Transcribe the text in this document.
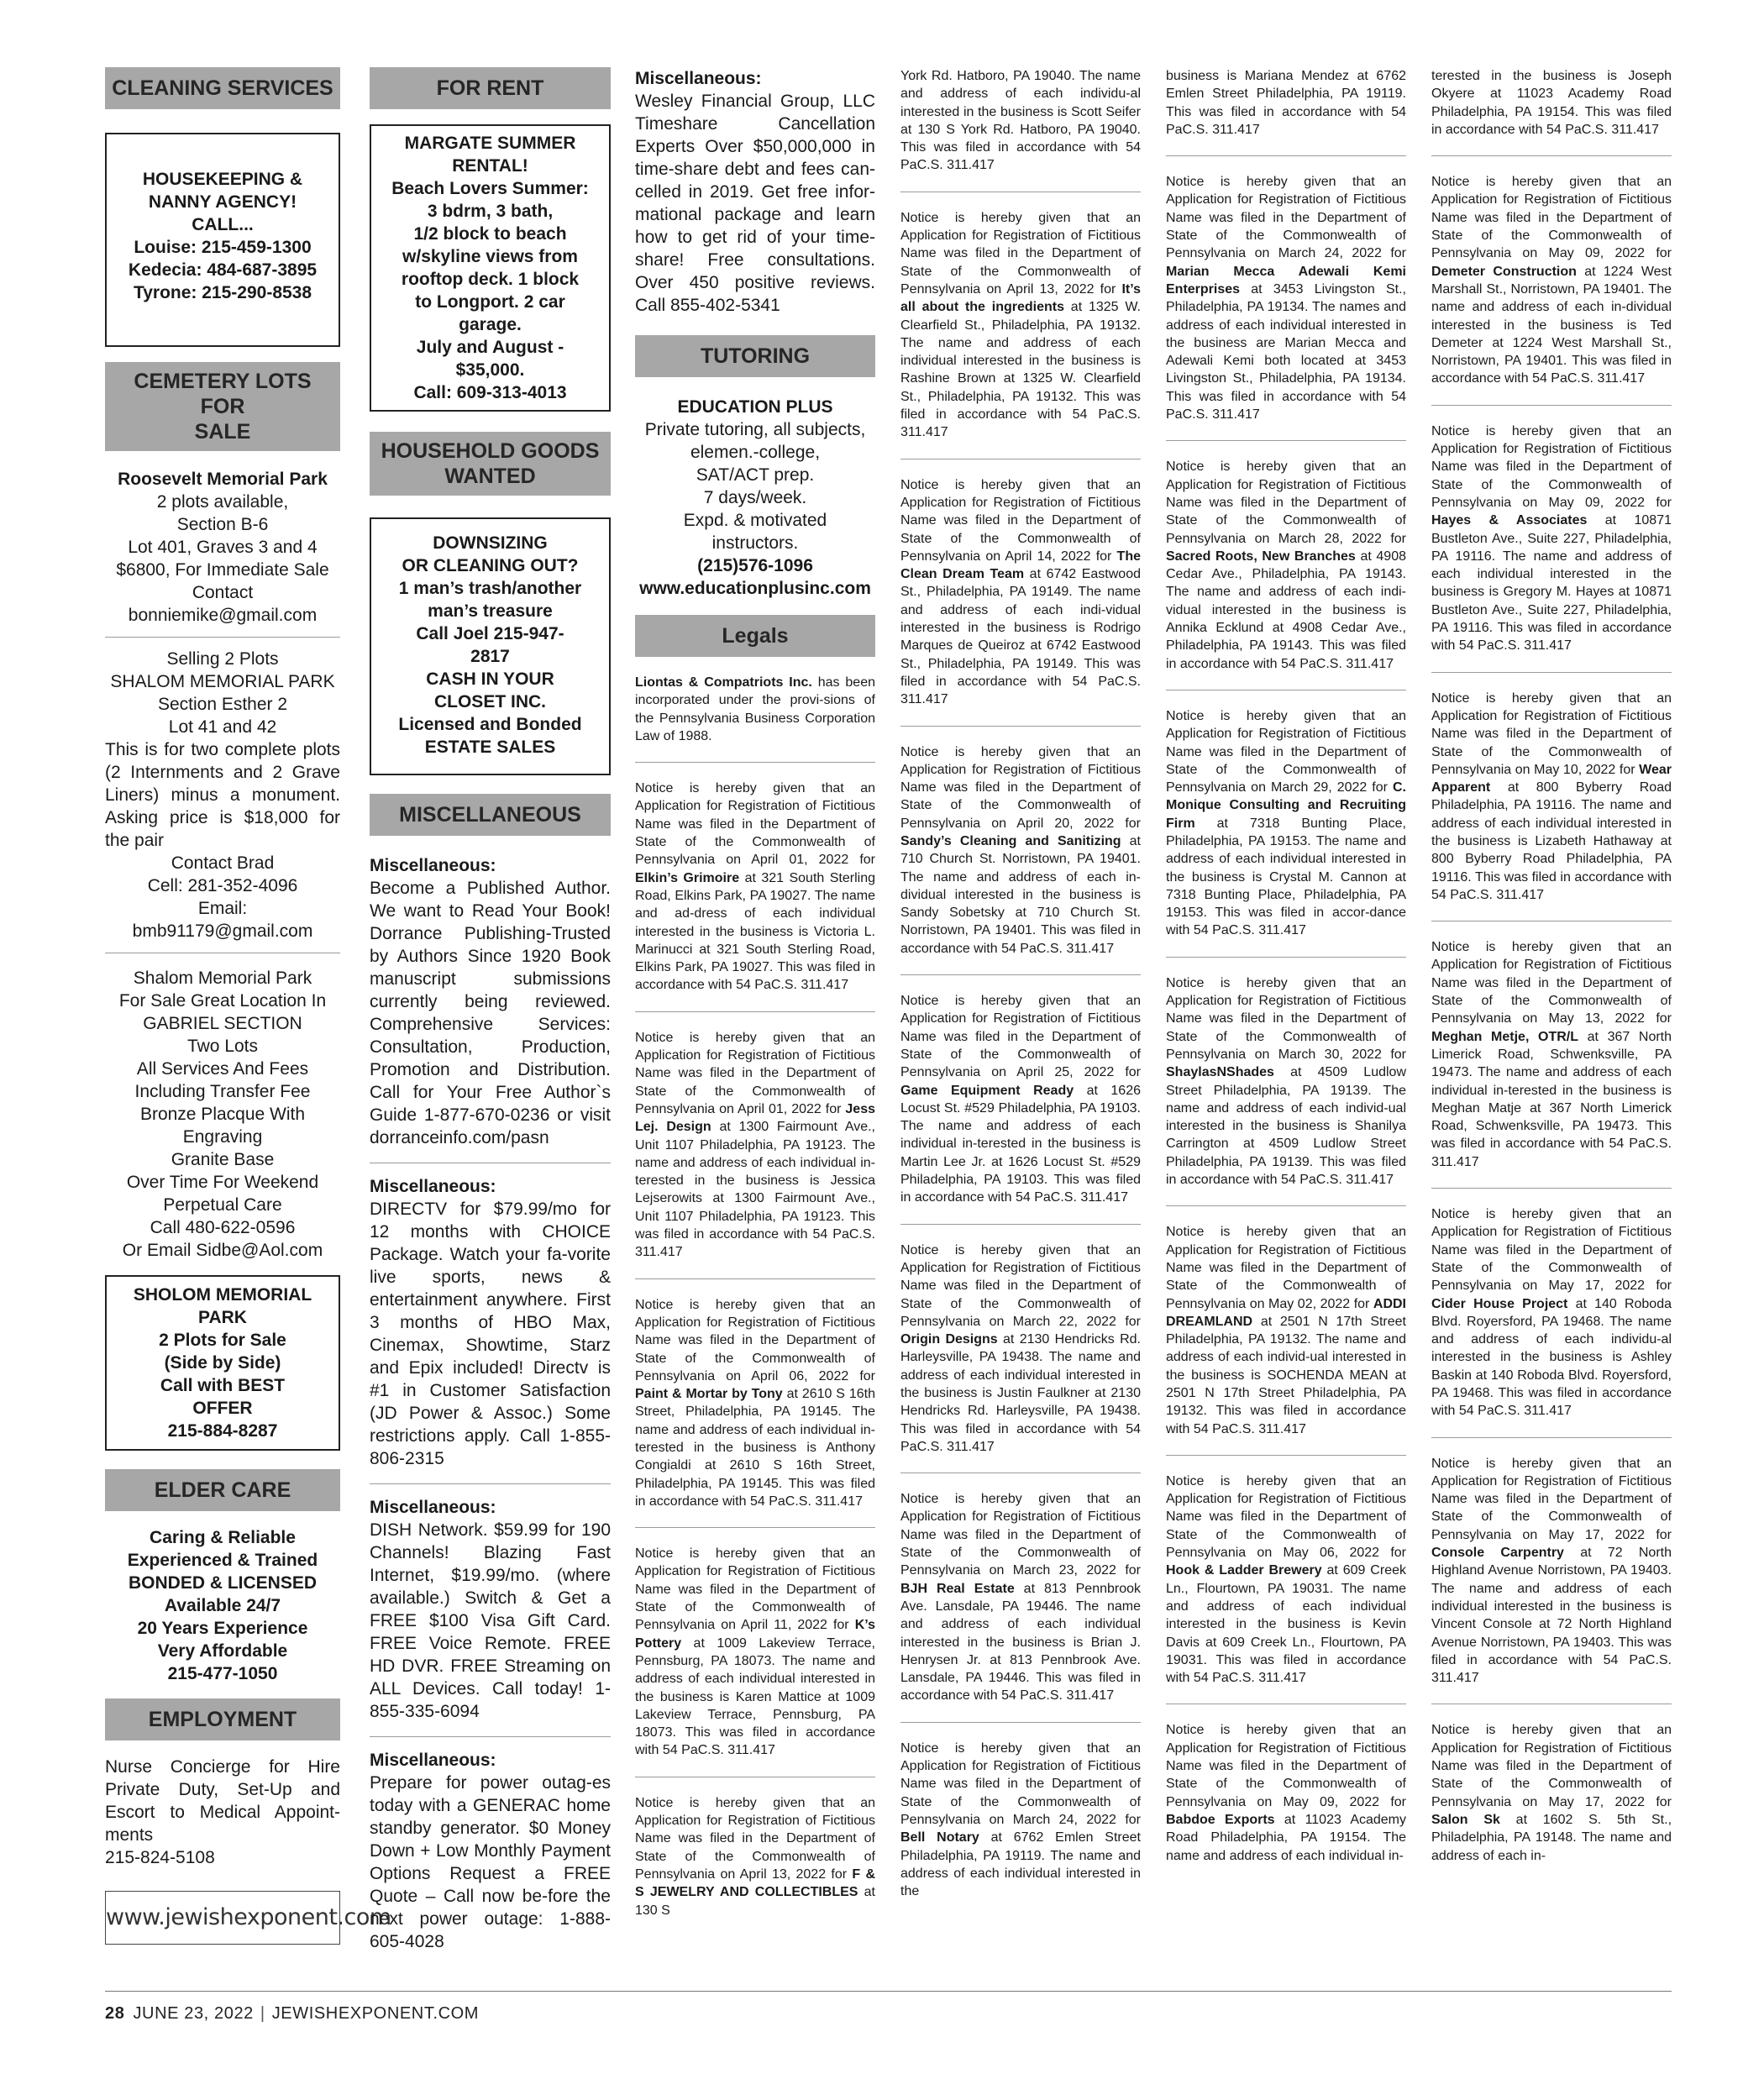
CLEANING SERVICES
HOUSEKEEPING &
NANNY AGENCY!
CALL...
Louise: 215-459-1300
Kedecia: 484-687-3895
Tyrone: 215-290-8538
CEMETERY LOTS FOR
SALE
Roosevelt Memorial Park
2 plots available,
Section B-6
Lot 401, Graves 3 and 4
$6800, For Immediate Sale
Contact
bonniemike@gmail.com
Selling 2 Plots
SHALOM MEMORIAL PARK
Section Esther 2
Lot 41 and 42
This is for two complete plots (2 Internments and 2 Grave Liners) minus a monument. Asking price is $18,000 for the pair
Contact Brad
Cell: 281-352-4096
Email:
bmb91179@gmail.com
Shalom Memorial Park
For Sale Great Location In
GABRIEL SECTION
Two Lots
All Services And Fees
Including Transfer Fee
Bronze Placque With
Engraving
Granite Base
Over Time For Weekend
Perpetual Care
Call 480-622-0596
Or Email Sidbe@Aol.com
SHOLOM MEMORIAL
PARK
2 Plots for Sale
(Side by Side)
Call with BEST
OFFER
215-884-8287
ELDER CARE
Caring & Reliable
Experienced & Trained
BONDED & LICENSED
Available 24/7
20 Years Experience
Very Affordable
215-477-1050
EMPLOYMENT
Nurse Concierge for Hire Private Duty, Set-Up and Escort to Medical Appoint-ments
215-824-5108
www.jewishexponent.com
FOR RENT
MARGATE SUMMER
RENTAL!
Beach Lovers Summer:
3 bdrm, 3 bath,
1/2 block to beach
w/skyline views from
rooftop deck. 1 block
to Longport. 2 car
garage.
July and August -
$35,000.
Call: 609-313-4013
HOUSEHOLD GOODS
WANTED
DOWNSIZING
OR CLEANING OUT?
1 man’s trash/another
man’s treasure
Call Joel 215-947-
2817
CASH IN YOUR
CLOSET INC.
Licensed and Bonded
ESTATE SALES
MISCELLANEOUS
Miscellaneous:
Become a Published Author. We want to Read Your Book! Dorrance Publishing-Trusted by Authors Since 1920 Book manuscript submissions currently being reviewed. Comprehensive Services: Consultation, Production, Promotion and Distribution. Call for Your Free Author`s Guide 1-877-670-0236 or visit dorranceinfo.com/pasn
Miscellaneous:
DIRECTV for $79.99/mo for 12 months with CHOICE Package. Watch your fa-vorite live sports, news & entertainment anywhere. First 3 months of HBO Max, Cinemax, Showtime, Starz and Epix included! Directv is #1 in Customer Satisfaction (JD Power & Assoc.) Some restrictions apply. Call 1-855-806-2315
Miscellaneous:
DISH Network. $59.99 for 190 Channels! Blazing Fast Internet, $19.99/mo. (where available.) Switch & Get a FREE $100 Visa Gift Card. FREE Voice Remote. FREE HD DVR. FREE Streaming on ALL Devices. Call today! 1-855-335-6094
Miscellaneous:
Prepare for power outag-es today with a GENERAC home standby generator. $0 Money Down + Low Monthly Payment Options Request a FREE Quote – Call now be-fore the next power outage: 1-888-605-4028
Miscellaneous:
Wesley Financial Group, LLC Timeshare Cancellation Experts Over $50,000,000 in time-share debt and fees can-celled in 2019. Get free infor-mational package and learn how to get rid of your time-share! Free consultations. Over 450 positive reviews. Call 855-402-5341
TUTORING
EDUCATION PLUS
Private tutoring, all subjects,
elemen.-college,
SAT/ACT prep.
7 days/week.
Expd. & motivated
instructors.
(215)576-1096
www.educationplusinc.com
Legals
Liontas & Compatriots Inc. has been incorporated under the provi-sions of the Pennsylvania Business Corporation Law of 1988.
Notice is hereby given that an Application for Registration of Fictitious Name was filed in the Department of State of the Commonwealth of Pennsylvania on April 01, 2022 for Elkin’s Grimoire at 321 South Sterling Road, Elkins Park, PA 19027. The name and ad-dress of each individual interested in the business is Victoria L. Marinucci at 321 South Sterling Road, Elkins Park, PA 19027. This was filed in accordance with 54 PaC.S. 311.417
Notice is hereby given that an Application for Registration of Fictitious Name was filed in the Department of State of the Commonwealth of Pennsylvania on April 01, 2022 for Jess Lej. Design at 1300 Fairmount Ave., Unit 1107 Philadelphia, PA 19123. The name and address of each individual in-terested in the business is Jessica Lejserowits at 1300 Fairmount Ave., Unit 1107 Philadelphia, PA 19123. This was filed in accordance with 54 PaC.S. 311.417
Notice is hereby given that an Application for Registration of Fictitious Name was filed in the Department of State of the Commonwealth of Pennsylvania on April 06, 2022 for Paint & Mortar by Tony at 2610 S 16th Street, Philadelphia, PA 19145. The name and address of each individual in-terested in the business is Anthony Congialdi at 2610 S 16th Street, Philadelphia, PA 19145. This was filed in accordance with 54 PaC.S. 311.417
Notice is hereby given that an Application for Registration of Fictitious Name was filed in the Department of State of the Commonwealth of Pennsylvania on April 11, 2022 for K’s Pottery at 1009 Lakeview Terrace, Pennsburg, PA 18073. The name and address of each individual interested in the business is Karen Mattice at 1009 Lakeview Terrace, Pennsburg, PA 18073. This was filed in accordance with 54 PaC.S. 311.417
Notice is hereby given that an Application for Registration of Fictitious Name was filed in the Department of State of the Commonwealth of Pennsylvania on April 13, 2022 for F & S JEWELRY AND COLLECTIBLES at 130 S
York Rd. Hatboro, PA 19040. The name and address of each individu-al interested in the business is Scott Seifer at 130 S York Rd. Hatboro, PA 19040. This was filed in accordance with 54 PaC.S. 311.417
Notice is hereby given that an Application for Registration of Fictitious Name was filed in the Department of State of the Commonwealth of Pennsylvania on April 13, 2022 for It’s all about the ingredients at 1325 W. Clearfield St., Philadelphia, PA 19132. The name and address of each individual interested in the business is Rashine Brown at 1325 W. Clearfield St., Philadelphia, PA 19132. This was filed in accordance with 54 PaC.S. 311.417
Notice is hereby given that an Application for Registration of Fictitious Name was filed in the Department of State of the Commonwealth of Pennsylvania on April 14, 2022 for The Clean Dream Team at 6742 Eastwood St., Philadelphia, PA 19149. The name and address of each indi-vidual interested in the business is Rodrigo Marques de Queiroz at 6742 Eastwood St., Philadelphia, PA 19149. This was filed in accordance with 54 PaC.S. 311.417
Notice is hereby given that an Application for Registration of Fictitious Name was filed in the Department of State of the Commonwealth of Pennsylvania on April 20, 2022 for Sandy’s Cleaning and Sanitizing at 710 Church St. Norristown, PA 19401. The name and address of each in-dividual interested in the business is Sandy Sobetsky at 710 Church St. Norristown, PA 19401. This was filed in accordance with 54 PaC.S. 311.417
Notice is hereby given that an Application for Registration of Fictitious Name was filed in the Department of State of the Commonwealth of Pennsylvania on April 25, 2022 for Game Equipment Ready at 1626 Locust St. #529 Philadelphia, PA 19103. The name and address of each individual in-terested in the business is Martin Lee Jr. at 1626 Locust St. #529 Philadelphia, PA 19103. This was filed in accordance with 54 PaC.S. 311.417
Notice is hereby given that an Application for Registration of Fictitious Name was filed in the Department of State of the Commonwealth of Pennsylvania on March 22, 2022 for Origin Designs at 2130 Hendricks Rd. Harleysville, PA 19438. The name and address of each individual interested in the business is Justin Faulkner at 2130 Hendricks Rd. Harleysville, PA 19438. This was filed in accordance with 54 PaC.S. 311.417
Notice is hereby given that an Application for Registration of Fictitious Name was filed in the Department of State of the Commonwealth of Pennsylvania on March 23, 2022 for BJH Real Estate at 813 Pennbrook Ave. Lansdale, PA 19446. The name and address of each individual interested in the business is Brian J. Henrysen Jr. at 813 Pennbrook Ave. Lansdale, PA 19446. This was filed in accordance with 54 PaC.S. 311.417
Notice is hereby given that an Application for Registration of Fictitious Name was filed in the Department of State of the Commonwealth of Pennsylvania on March 24, 2022 for Bell Notary at 6762 Emlen Street Philadelphia, PA 19119. The name and address of each individual interested in the
business is Mariana Mendez at 6762 Emlen Street Philadelphia, PA 19119. This was filed in accordance with 54 PaC.S. 311.417
Notice is hereby given that an Application for Registration of Fictitious Name was filed in the Department of State of the Commonwealth of Pennsylvania on March 24, 2022 for Marian Mecca Adewali Kemi Enterprises at 3453 Livingston St., Philadelphia, PA 19134. The names and address of each individual interested in the business are Marian Mecca and Adewali Kemi both located at 3453 Livingston St., Philadelphia, PA 19134. This was filed in accordance with 54 PaC.S. 311.417
Notice is hereby given that an Application for Registration of Fictitious Name was filed in the Department of State of the Commonwealth of Pennsylvania on March 28, 2022 for Sacred Roots, New Branches at 4908 Cedar Ave., Philadelphia, PA 19143. The name and address of each indi-vidual interested in the business is Annika Ecklund at 4908 Cedar Ave., Philadelphia, PA 19143. This was filed in accordance with 54 PaC.S. 311.417
Notice is hereby given that an Application for Registration of Fictitious Name was filed in the Department of State of the Commonwealth of Pennsylvania on March 29, 2022 for C. Monique Consulting and Recruiting Firm at 7318 Bunting Place, Philadelphia, PA 19153. The name and address of each individual interested in the business is Crystal M. Cannon at 7318 Bunting Place, Philadelphia, PA 19153. This was filed in accor-dance with 54 PaC.S. 311.417
Notice is hereby given that an Application for Registration of Fictitious Name was filed in the Department of State of the Commonwealth of Pennsylvania on March 30, 2022 for ShaylasNShades at 4509 Ludlow Street Philadelphia, PA 19139. The name and address of each individ-ual interested in the business is Shanilya Carrington at 4509 Ludlow Street Philadelphia, PA 19139. This was filed in accordance with 54 PaC.S. 311.417
Notice is hereby given that an Application for Registration of Fictitious Name was filed in the Department of State of the Commonwealth of Pennsylvania on May 02, 2022 for ADDI DREAMLAND at 2501 N 17th Street Philadelphia, PA 19132. The name and address of each individ-ual interested in the business is SOCHENDA MEAN at 2501 N 17th Street Philadelphia, PA 19132. This was filed in accordance with 54 PaC.S. 311.417
Notice is hereby given that an Application for Registration of Fictitious Name was filed in the Department of State of the Commonwealth of Pennsylvania on May 06, 2022 for Hook & Ladder Brewery at 609 Creek Ln., Flourtown, PA 19031. The name and address of each individual interested in the business is Kevin Davis at 609 Creek Ln., Flourtown, PA 19031. This was filed in accordance with 54 PaC.S. 311.417
Notice is hereby given that an Application for Registration of Fictitious Name was filed in the Department of State of the Commonwealth of Pennsylvania on May 09, 2022 for Babdoe Exports at 11023 Academy Road Philadelphia, PA 19154. The name and address of each individual in-
terested in the business is Joseph Okyere at 11023 Academy Road Philadelphia, PA 19154. This was filed in accordance with 54 PaC.S. 311.417
Notice is hereby given that an Application for Registration of Fictitious Name was filed in the Department of State of the Commonwealth of Pennsylvania on May 09, 2022 for Demeter Construction at 1224 West Marshall St., Norristown, PA 19401. The name and address of each in-dividual interested in the business is Ted Demeter at 1224 West Marshall St., Norristown, PA 19401. This was filed in accordance with 54 PaC.S. 311.417
Notice is hereby given that an Application for Registration of Fictitious Name was filed in the Department of State of the Commonwealth of Pennsylvania on May 09, 2022 for Hayes & Associates at 10871 Bustleton Ave., Suite 227, Philadelphia, PA 19116. The name and address of each individual interested in the business is Gregory M. Hayes at 10871 Bustleton Ave., Suite 227, Philadelphia, PA 19116. This was filed in accordance with 54 PaC.S. 311.417
Notice is hereby given that an Application for Registration of Fictitious Name was filed in the Department of State of the Commonwealth of Pennsylvania on May 10, 2022 for Wear Apparent at 800 Byberry Road Philadelphia, PA 19116. The name and address of each individual interested in the business is Lizabeth Hathaway at 800 Byberry Road Philadelphia, PA 19116. This was filed in accordance with 54 PaC.S. 311.417
Notice is hereby given that an Application for Registration of Fictitious Name was filed in the Department of State of the Commonwealth of Pennsylvania on May 13, 2022 for Meghan Metje, OTR/L at 367 North Limerick Road, Schwenksville, PA 19473. The name and address of each individual in-terested in the business is Meghan Matje at 367 North Limerick Road, Schwenksville, PA 19473. This was filed in accordance with 54 PaC.S. 311.417
Notice is hereby given that an Application for Registration of Fictitious Name was filed in the Department of State of the Commonwealth of Pennsylvania on May 17, 2022 for Cider House Project at 140 Roboda Blvd. Royersford, PA 19468. The name and address of each individu-al interested in the business is Ashley Baskin at 140 Roboda Blvd. Royersford, PA 19468. This was filed in accordance with 54 PaC.S. 311.417
Notice is hereby given that an Application for Registration of Fictitious Name was filed in the Department of State of the Commonwealth of Pennsylvania on May 17, 2022 for Console Carpentry at 72 North Highland Avenue Norristown, PA 19403. The name and address of each individual interested in the business is Vincent Console at 72 North Highland Avenue Norristown, PA 19403. This was filed in accordance with 54 PaC.S. 311.417
Notice is hereby given that an Application for Registration of Fictitious Name was filed in the Department of State of the Commonwealth of Pennsylvania on May 17, 2022 for Salon Sk at 1602 S. 5th St., Philadelphia, PA 19148. The name and address of each in-
28 JUNE 23, 2022 | JEWISHEXPONENT.COM
